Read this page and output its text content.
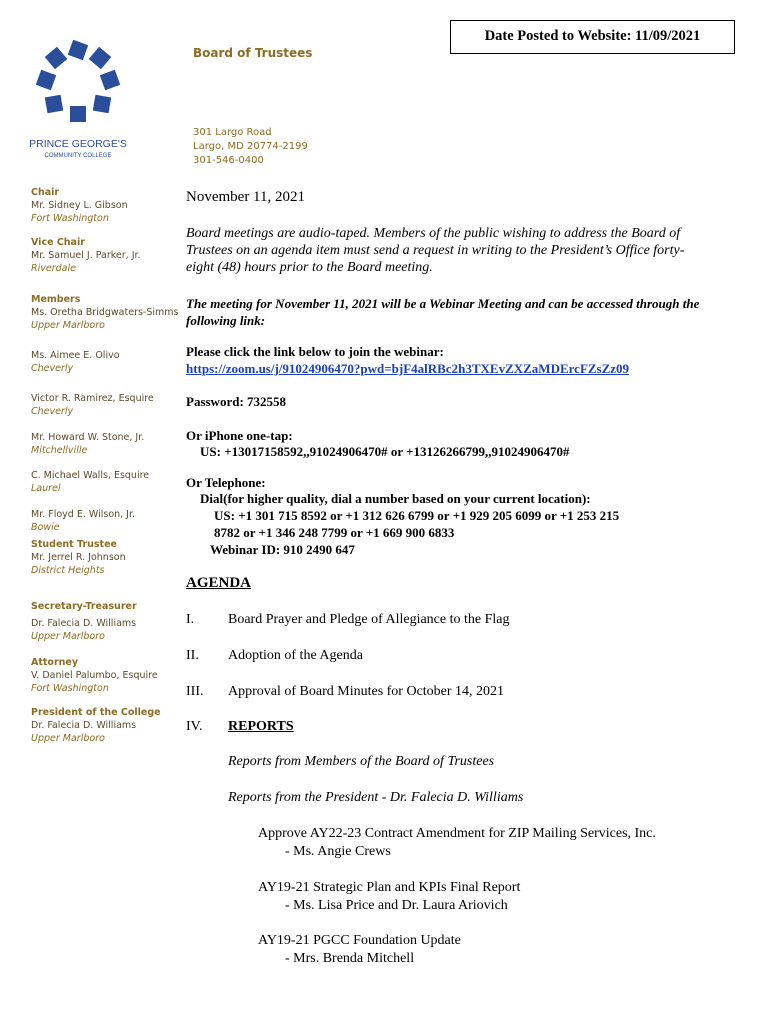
Date Posted to Website: 11/09/2021
PRINCE GEORGE'S
COMMUNITY COLLEGE
Board of Trustees
301 Largo Road
Largo, MD 20774-2199
301-546-0400
Chair
Mr. Sidney L. Gibson
Fort Washington
Vice Chair
Mr. Samuel J. Parker, Jr.
Riverdale
Members
Ms. Oretha Bridgwaters-Simms
Upper Marlboro
Ms. Aimee E. Olivo
Cheverly
Victor R. Ramirez, Esquire
Cheverly
Mr. Howard W. Stone, Jr.
Mitchellville
C. Michael Walls, Esquire
Laurel
Mr. Floyd E. Wilson, Jr.
Bowie
Student Trustee
Mr. Jerrel R. Johnson
District Heights
Secretary-Treasurer
Dr. Falecia D. Williams
Upper Marlboro
Attorney
V. Daniel Palumbo, Esquire
Fort Washington
President of the College
Dr. Falecia D. Williams
Upper Marlboro
November 11, 2021
Board meetings are audio-taped. Members of the public wishing to address the Board of
Trustees on an agenda item must send a request in writing to the President’s Office forty-
eight (48) hours prior to the Board meeting.
The meeting for November 11, 2021 will be a Webinar Meeting and can be accessed through the
following link:
Please click the link below to join the webinar:
https://zoom.us/j/91024906470?pwd=bjF4alRBc2h3TXEvZXZaMDErcFZsZz09
Password: 732558
Or iPhone one-tap:
US: +13017158592,,91024906470# or +13126266799,,91024906470#
Or Telephone:
Dial(for higher quality, dial a number based on your current location):
US: +1 301 715 8592 or +1 312 626 6799 or +1 929 205 6099 or +1 253 215
8782 or +1 346 248 7799 or +1 669 900 6833
Webinar ID: 910 2490 647
AGENDA
I. Board Prayer and Pledge of Allegiance to the Flag
II. Adoption of the Agenda
III. Approval of Board Minutes for October 14, 2021
IV. REPORTS
Reports from Members of the Board of Trustees
Reports from the President - Dr. Falecia D. Williams
Approve AY22-23 Contract Amendment for ZIP Mailing Services, Inc.
- Ms. Angie Crews
AY19-21 Strategic Plan and KPIs Final Report
- Ms. Lisa Price and Dr. Laura Ariovich
AY19-21 PGCC Foundation Update
- Mrs. Brenda Mitchell
